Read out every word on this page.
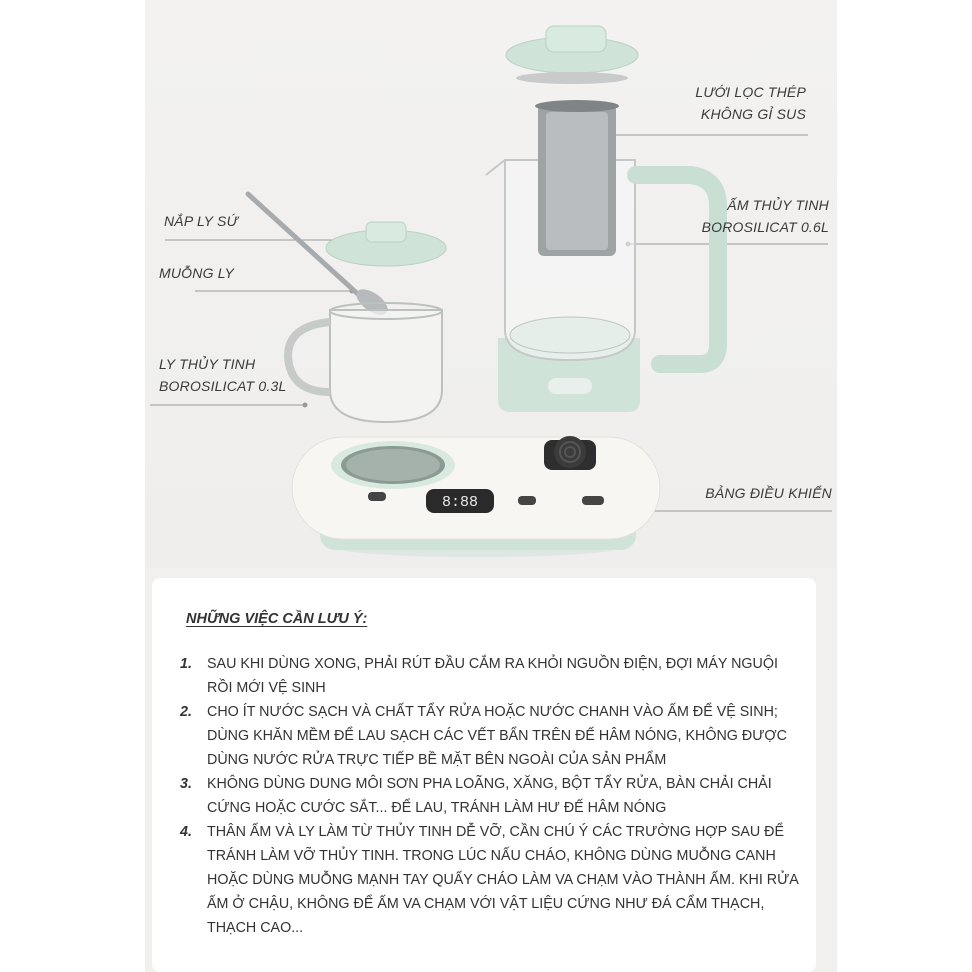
8:88
LƯỚI LỌC THÉP
KHÔNG GỈ SUS
ẤM THỦY TINH
BOROSILICAT 0.6L
NẮP LY SỨ
MUỖNG LY
LY THỦY TINH
BOROSILICAT 0.3L
BẢNG ĐIỀU KHIỂN
NHỮNG VIỆC CẦN LƯU Ý:
1. SAU KHI DÙNG XONG, PHẢI RÚT ĐẦU CẮM RA KHỎI NGUỒN ĐIỆN, ĐỢI MÁY NGUỘI RỒI MỚI VỆ SINH
2. CHO ÍT NƯỚC SẠCH VÀ CHẤT TẨY RỬA HOẶC NƯỚC CHANH VÀO ẤM ĐỂ VỆ SINH; DÙNG KHĂN MỀM ĐỂ LAU SẠCH CÁC VẾT BẨN TRÊN ĐẾ HÂM NÓNG, KHÔNG ĐƯỢC DÙNG NƯỚC RỬA TRỰC TIẾP BỀ MẶT BÊN NGOÀI CỦA SẢN PHẨM
3. KHÔNG DÙNG DUNG MÔI SƠN PHA LOÃNG, XĂNG, BỘT TẨY RỬA, BÀN CHẢI CHẢI CỨNG HOẶC CƯỚC SẮT... ĐỂ LAU, TRÁNH LÀM HƯ ĐẾ HÂM NÓNG
4. THÂN ẤM VÀ LY LÀM TỪ THỦY TINH DỄ VỠ, CẦN CHÚ Ý CÁC TRƯỜNG HỢP SAU ĐỂ TRÁNH LÀM VỠ THỦY TINH. TRONG LÚC NẤU CHÁO, KHÔNG DÙNG MUỖNG CANH HOẶC DÙNG MUỖNG MẠNH TAY QUẤY CHÁO LÀM VA CHẠM VÀO THÀNH ẤM. KHI RỬA ẤM Ở CHẬU, KHÔNG ĐỂ ẤM VA CHẠM VỚI VẬT LIỆU CỨNG NHƯ ĐÁ CẨM THẠCH, THẠCH CAO...
